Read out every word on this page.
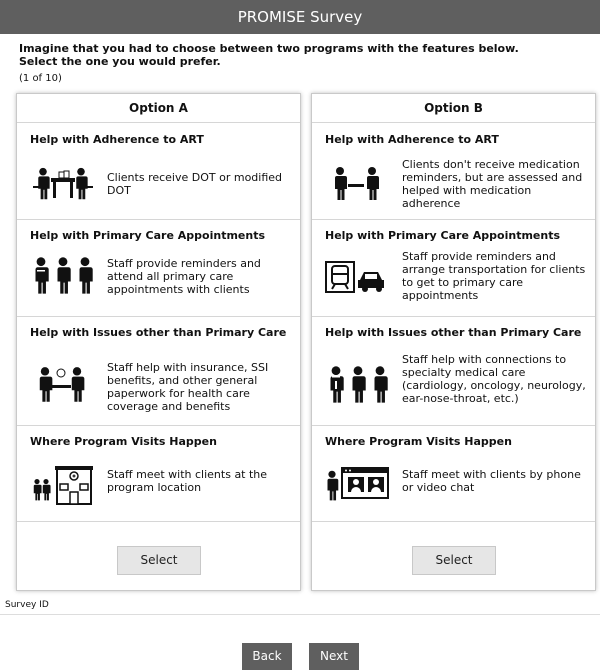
PROMISE Survey
Imagine that you had to choose between two programs with the features below.
Select the one you would prefer.
(1 of 10)
Option A
Help with Adherence to ART
Clients receive DOT or modified DOT
Help with Primary Care Appointments
Staff provide reminders and attend all primary care appointments with clients
Help with Issues other than Primary Care
Staff help with insurance, SSI benefits, and other general paperwork for health care coverage and benefits
Where Program Visits Happen
Staff meet with clients at the program location
Select
Option B
Help with Adherence to ART
Clients don't receive medication reminders, but are assessed and helped with medication adherence
Help with Primary Care Appointments
Staff provide reminders and arrange transportation for clients to get to primary care appointments
Help with Issues other than Primary Care
Staff help with connections to specialty medical care (cardiology, oncology, neurology, ear-nose-throat, etc.)
Where Program Visits Happen
Staff meet with clients by phone or video chat
Select
Survey ID
Back	Next
